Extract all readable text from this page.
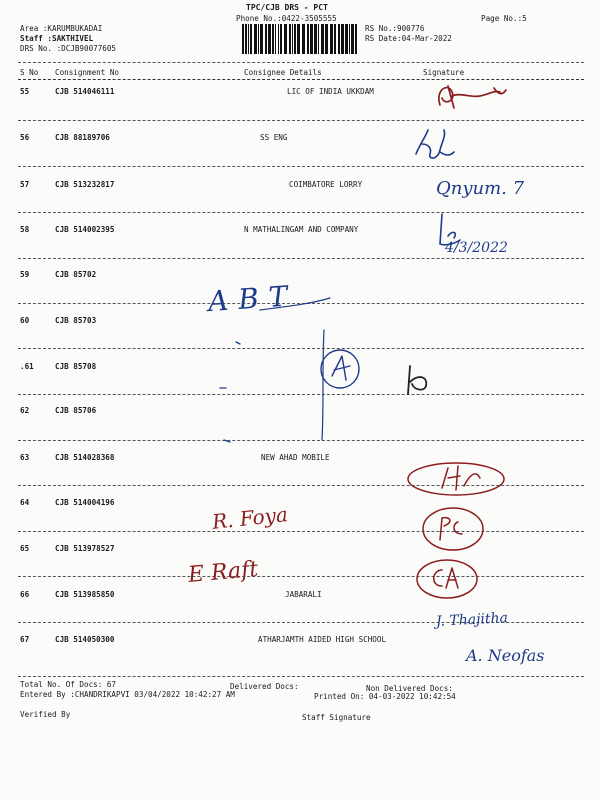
TPC/CJB DRS - PCT
Phone No.:0422-3505555	Page No.:5
Area :KARUMBUKADAI
Staff :SAKTHIVEL
DRS No. :DCJB90077605
RS No.:900776
RS Date:04-Mar-2022
S No Consignment No	Consignee Details	Signature
55	CJB 514046111	LIC OF INDIA UKKDAM
56	CJB 88189706	SS ENG
57	CJB 513232817	COIMBATORE LORRY
58	CJB 514002395	N MATHALINGAM AND COMPANY
59	CJB 85702
60	CJB 85703
.61	CJB 85708
62	CJB 85706
63	CJB 514028368	NEW AHAD MOBILE
64	CJB 514004196
65	CJB 513978527
66	CJB 513985850	JABARALI
67	CJB 514050300	ATHARJAMTH AIDED HIGH SCHOOL
Qnyum. 7
4/3/2022
ABT
R. Foya
E Raft
J. Thajitha
A. Neofas
Total No. Of Docs: 67	Delivered Docs:	Non Delivered Docs:
Entered By :CHANDRIKAPVI 03/04/2022 10:42:27 AM	Printed On: 04-03-2022 10:42:54
Verified By	Staff Signature
